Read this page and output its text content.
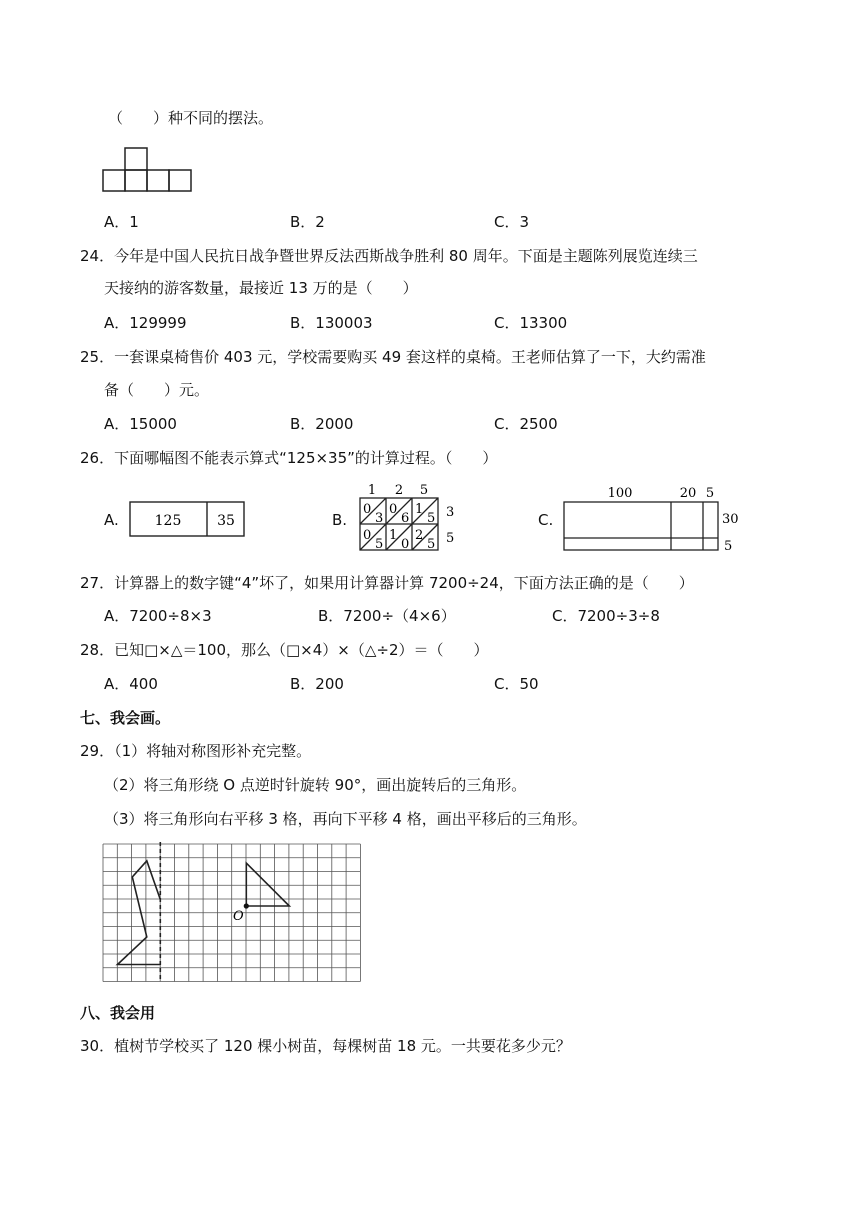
（　　）种不同的摆法。
A．1	B．2	C．3
24．今年是中国人民抗日战争暨世界反法西斯战争胜利 80 周年。下面是主题陈列展览连续三
天接纳的游客数量，最接近 13 万的是（　　）
A．129999	B．130003	C．13300
25．一套课桌椅售价 403 元，学校需要购买 49 套这样的桌椅。王老师估算了一下，大约需准
备（　　）元。
A．15000	B．2000	C．2500
26．下面哪幅图不能表示算式“125×35”的计算过程。（　　）
A.	125	35	B.
1 2 5
0
3
0
6
1
5
0
5
1
0
2
5
3
5
C.
100	20 5
30
5
27．计算器上的数字键“4”坏了，如果用计算器计算 7200÷24，下面方法正确的是（　　）
A．7200÷8×3	B．7200÷（4×6）	C．7200÷3÷8
28．已知□×△＝100，那么（□×4）×（△÷2）＝（　　）
A．400	B．200	C．50
七、我会画。
29．（1）将轴对称图形补充完整。
（2）将三角形绕 O 点逆时针旋转 90°，画出旋转后的三角形。
（3）将三角形向右平移 3 格，再向下平移 4 格，画出平移后的三角形。
O
八、我会用
30．植树节学校买了 120 棵小树苗，每棵树苗 18 元。一共要花多少元？
